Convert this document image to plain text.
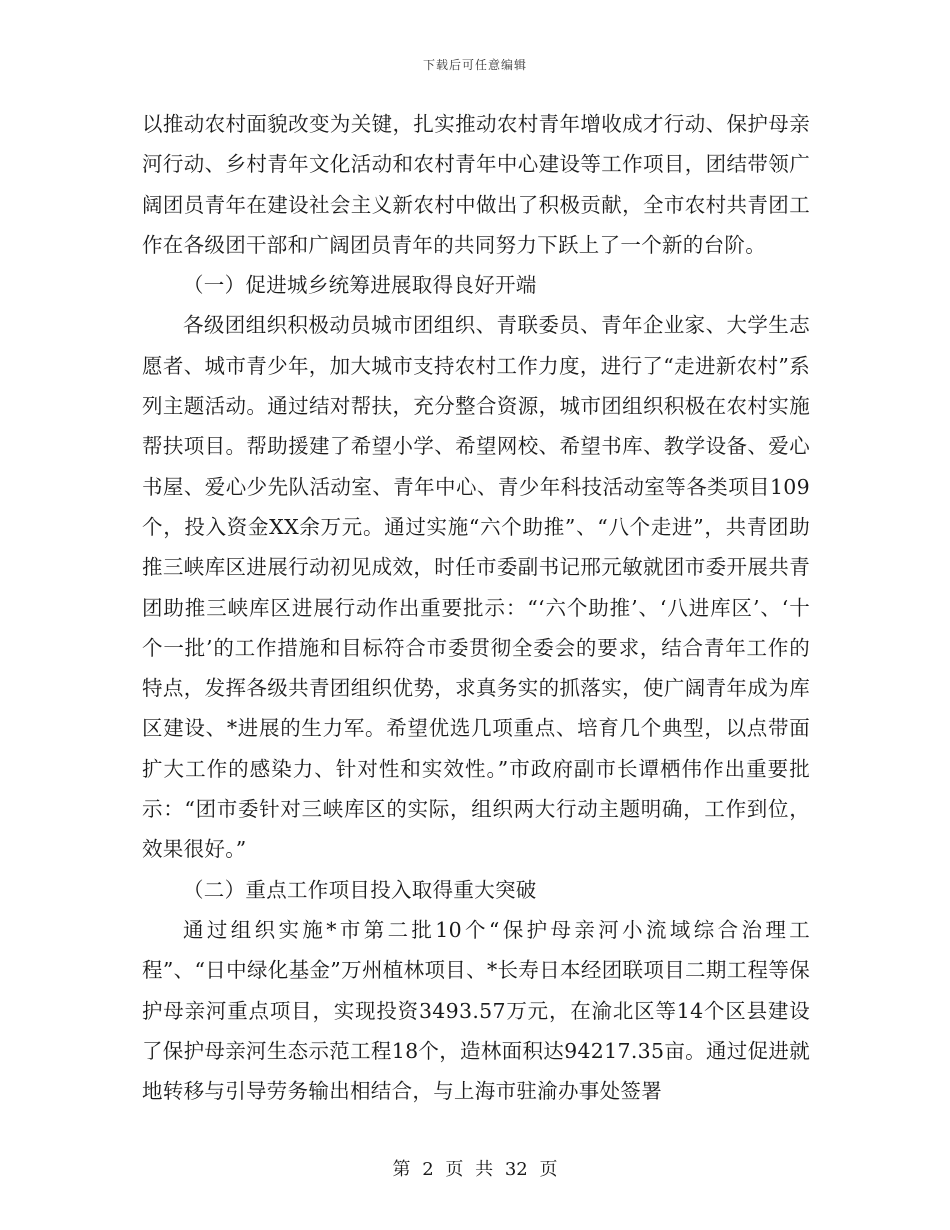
下载后可任意编辑

以推动农村面貌改变为关键，扎实推动农村青年增收成才行动、保护母亲河行动、乡村青年文化活动和农村青年中心建设等工作项目，团结带领广阔团员青年在建设社会主义新农村中做出了积极贡献，全市农村共青团工作在各级团干部和广阔团员青年的共同努力下跃上了一个新的台阶。

（一）促进城乡统筹进展取得良好开端

各级团组织积极动员城市团组织、青联委员、青年企业家、大学生志愿者、城市青少年，加大城市支持农村工作力度，进行了“走进新农村”系列主题活动。通过结对帮扶，充分整合资源，城市团组织积极在农村实施帮扶项目。帮助援建了希望小学、希望网校、希望书库、教学设备、爱心书屋、爱心少先队活动室、青年中心、青少年科技活动室等各类项目109个，投入资金XX余万元。通过实施“六个助推”、“八个走进”，共青团助推三峡库区进展行动初见成效，时任市委副书记邢元敏就团市委开展共青团助推三峡库区进展行动作出重要批示：“‘六个助推’、‘八进库区’、‘十个一批’的工作措施和目标符合市委贯彻全委会的要求，结合青年工作的特点，发挥各级共青团组织优势，求真务实的抓落实，使广阔青年成为库区建设、*进展的生力军。希望优选几项重点、培育几个典型，以点带面扩大工作的感染力、针对性和实效性。”市政府副市长谭栖伟作出重要批示：“团市委针对三峡库区的实际，组织两大行动主题明确，工作到位，效果很好。”

（二）重点工作项目投入取得重大突破

通过组织实施*市第二批10个“保护母亲河小流域综合治理工程”、“日中绿化基金”万州植林项目、*长寿日本经团联项目二期工程等保护母亲河重点项目，实现投资3493.57万元，在渝北区等14个区县建设了保护母亲河生态示范工程18个，造林面积达94217.35亩。通过促进就地转移与引导劳务输出相结合，与上海市驻渝办事处签署

第 2 页 共 32 页
